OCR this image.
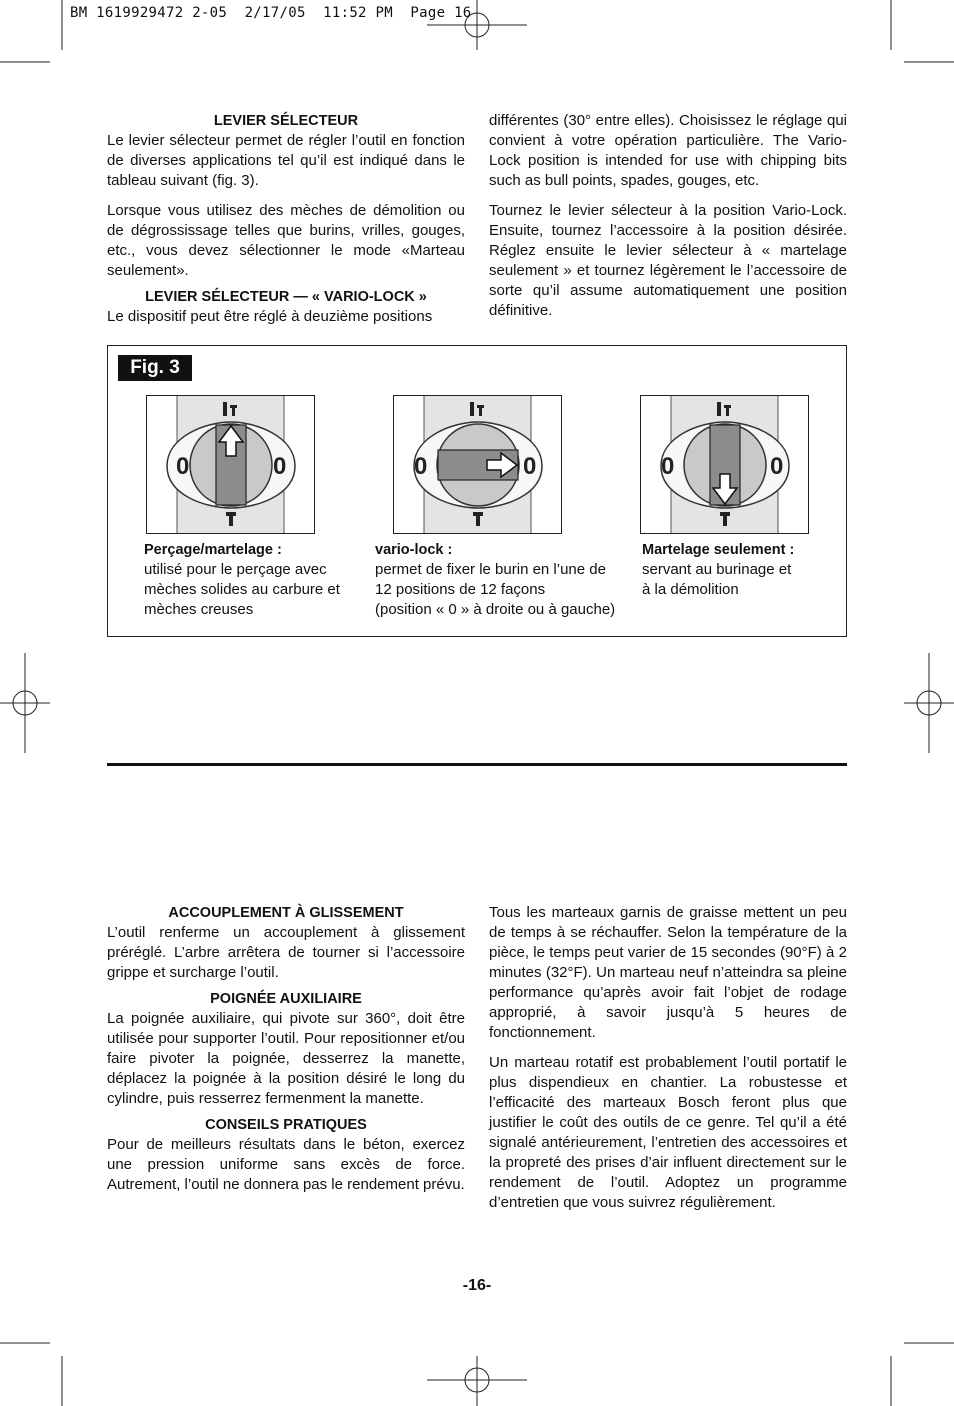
BM 1619929472 2-05  2/17/05  11:52 PM  Page 16
LEVIER SÉLECTEUR

Le levier sélecteur permet de régler l’outil en fonction de diverses applications tel qu’il est indiqué dans le tableau suivant (fig. 3).

Lorsque vous utilisez des mèches de démolition ou de dégrossissage telles que burins, vrilles, gouges, etc., vous devez sélectionner le mode «Marteau seulement».

LEVIER SÉLECTEUR — « VARIO-LOCK »

Le dispositif peut être réglé à deuzième positions

différentes (30° entre elles). Choisissez le réglage qui convient à votre opération particulière. The Vario-Lock position is intended for use with chipping bits such as bull points, spades, gouges, etc.

Tournez le levier sélecteur à la position Vario-Lock. Ensuite, tournez l’accessoire à la position désirée. Réglez ensuite le levier sélecteur à « martelage seulement » et tournez légèrement le l’accessoire de sorte qu’il assume automatiquement une position définitive.

Fig. 3
0	0	0	0	0	0
Perçage/martelage :
utilisé pour le perçage avec
mèches solides au carbure et
mèches creuses
vario-lock :
permet de fixer le burin en l’une de
12 positions de 12 façons
(position « 0 » à droite ou à gauche)
Martelage seulement :
servant au burinage et
à la démolition
ACCOUPLEMENT À GLISSEMENT

L’outil renferme un accouplement à glissement préréglé. L’arbre arrêtera de tourner si l’accessoire grippe et surcharge l’outil.

POIGNÉE AUXILIAIRE

La poignée auxiliaire, qui pivote sur 360°, doit être utilisée pour supporter l’outil. Pour repositionner et/ou faire pivoter la poignée, desserrez la manette, déplacez la poignée à la position désiré le long du cylindre, puis resserrez fermenment la manette.

CONSEILS PRATIQUES

Pour de meilleurs résultats dans le béton, exercez une pression uniforme sans excès de force. Autrement, l’outil ne donnera pas le rendement prévu.

Tous les marteaux garnis de graisse mettent un peu de temps à se réchauffer. Selon la température de la pièce, le temps peut varier de 15 secondes (90°F) à 2 minutes (32°F). Un marteau neuf n’atteindra sa pleine performance qu’après avoir fait l’objet de rodage approprié, à savoir jusqu’à 5 heures de fonctionnement.

Un marteau rotatif est probablement l’outil portatif le plus dispendieux en chantier. La robustesse et l’efficacité des marteaux Bosch feront plus que justifier le coût des outils de ce genre. Tel qu’il a été signalé antérieurement, l’entretien des accessoires et la propreté des prises d’air influent directement sur le rendement de l’outil. Adoptez un programme d’entretien que vous suivrez régulièrement.

-16-
